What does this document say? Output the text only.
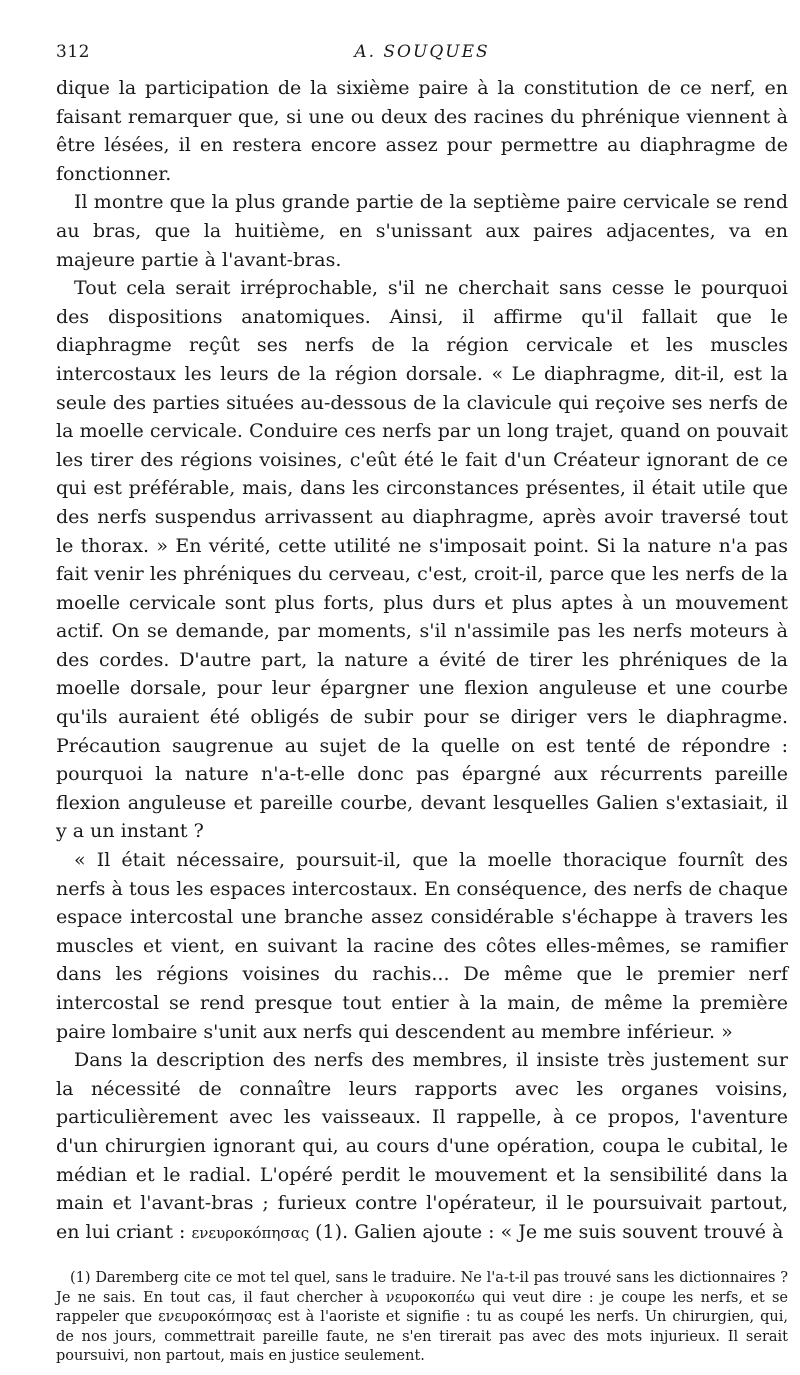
312	A. SOUQUES

dique la participation de la sixième paire à la constitution de ce nerf, en faisant remarquer que, si une ou deux des racines du phrénique viennent à être lésées, il en restera encore assez pour permettre au diaphragme de fonctionner.

Il montre que la plus grande partie de la septième paire cervicale se rend au bras, que la huitième, en s'unissant aux paires adjacentes, va en majeure partie à l'avant-bras.

Tout cela serait irréprochable, s'il ne cherchait sans cesse le pourquoi des dispositions anatomiques. Ainsi, il affirme qu'il fallait que le diaphragme reçût ses nerfs de la région cervicale et les muscles intercostaux les leurs de la région dorsale. « Le diaphragme, dit-il, est la seule des parties situées au-dessous de la clavicule qui reçoive ses nerfs de la moelle cervicale. Conduire ces nerfs par un long trajet, quand on pouvait les tirer des régions voisines, c'eût été le fait d'un Créateur ignorant de ce qui est préférable, mais, dans les circonstances présentes, il était utile que des nerfs suspendus arrivassent au diaphragme, après avoir traversé tout le thorax. » En vérité, cette utilité ne s'imposait point. Si la nature n'a pas fait venir les phréniques du cerveau, c'est, croit-il, parce que les nerfs de la moelle cervicale sont plus forts, plus durs et plus aptes à un mouvement actif. On se demande, par moments, s'il n'assimile pas les nerfs moteurs à des cordes. D'autre part, la nature a évité de tirer les phréniques de la moelle dorsale, pour leur épargner une flexion anguleuse et une courbe qu'ils auraient été obligés de subir pour se diriger vers le diaphragme. Précaution saugrenue au sujet de la quelle on est tenté de répondre : pourquoi la nature n'a-t-elle donc pas épargné aux récurrents pareille flexion anguleuse et pareille courbe, devant lesquelles Galien s'extasiait, il y a un instant ?

« Il était nécessaire, poursuit-il, que la moelle thoracique fournît des nerfs à tous les espaces intercostaux. En conséquence, des nerfs de chaque espace intercostal une branche assez considérable s'échappe à travers les muscles et vient, en suivant la racine des côtes elles-mêmes, se ramifier dans les régions voisines du rachis... De même que le premier nerf intercostal se rend presque tout entier à la main, de même la première paire lombaire s'unit aux nerfs qui descendent au membre inférieur. »

Dans la description des nerfs des membres, il insiste très justement sur la nécessité de connaître leurs rapports avec les organes voisins, particulièrement avec les vaisseaux. Il rappelle, à ce propos, l'aventure d'un chirurgien ignorant qui, au cours d'une opération, coupa le cubital, le médian et le radial. L'opéré perdit le mouvement et la sensibilité dans la main et l'avant-bras ; furieux contre l'opérateur, il le poursuivait partout, en lui criant : ενευροκόπησας (1). Galien ajoute : « Je me suis souvent trouvé à

(1) Daremberg cite ce mot tel quel, sans le traduire. Ne l'a-t-il pas trouvé sans les dictionnaires ? Je ne sais. En tout cas, il faut chercher à νευροκοπέω qui veut dire : je coupe les nerfs, et se rappeler que ενευροκόπησας est à l'aoriste et signifie : tu as coupé les nerfs. Un chirurgien, qui, de nos jours, commettrait pareille faute, ne s'en tirerait pas avec des mots injurieux. Il serait poursuivi, non partout, mais en justice seulement.
